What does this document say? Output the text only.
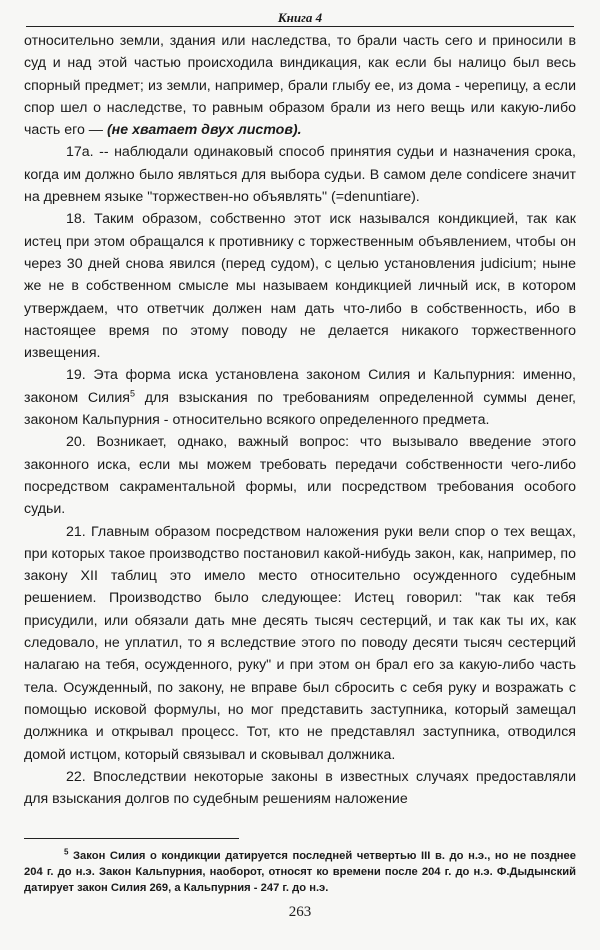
Книга 4

относительно земли, здания или наследства, то брали часть сего и приносили в суд и над этой частью происходила виндикация, как если бы налицо был весь спорный предмет; из земли, например, брали глыбу ее, из дома - черепицу, а если спор шел о наследстве, то равным образом брали из него вещь или какую-либо часть его — (не хватает двух листов).

17а. -- наблюдали одинаковый способ принятия судьи и назначения срока, когда им должно было являться для выбора судьи. В самом деле condicere значит на древнем языке "торжествен-но объявлять" (=denuntiare).

18. Таким образом, собственно этот иск назывался кондикцией, так как истец при этом обращался к противнику с торжественным объявлением, чтобы он через 30 дней снова явился (перед судом), с целью установления judicium; ныне же не в собственном смысле мы называем кондикцией личный иск, в котором утверждаем, что ответчик должен нам дать что-либо в собственность, ибо в настоящее время по этому поводу не делается никакого торжественного извещения.

19. Эта форма иска установлена законом Силия и Кальпурния: именно, законом Силия$^5$ для взыскания по требованиям определенной суммы денег, законом Кальпурния - относительно всякого определенного предмета.

20. Возникает, однако, важный вопрос: что вызывало введение этого законного иска, если мы можем требовать передачи собственности чего-либо посредством сакраментальной формы, или посредством требования особого судьи.

21. Главным образом посредством наложения руки вели спор о тех вещах, при которых такое производство постановил какой-нибудь закон, как, например, по закону XII таблиц это имело место относительно осужденного судебным решением. Производство было следующее: Истец говорил: "так как тебя присудили, или обязали дать мне десять тысяч сестерций, и так как ты их, как следовало, не уплатил, то я вследствие этого по поводу десяти тысяч сестерций налагаю на тебя, осужденного, руку" и при этом он брал его за какую-либо часть тела. Осужденный, по закону, не вправе был сбросить с себя руку и возражать с помощью исковой формулы, но мог представить заступника, который замещал должника и открывал процесс. Тот, кто не представлял заступника, отводился домой истцом, который связывал и сковывал должника.

22. Впоследствии некоторые законы в известных случаях предоставляли для взыскания долгов по судебным решениям наложение

$^5$ Закон Силия о кондикции датируется последней четвертью III в. до н.э., но не позднее 204 г. до н.э. Закон Кальпурния, наоборот, относят ко времени после 204 г. до н.э. Ф.Дыдынский датирует закон Силия 269, а Кальпурния - 247 г. до н.э.
263
